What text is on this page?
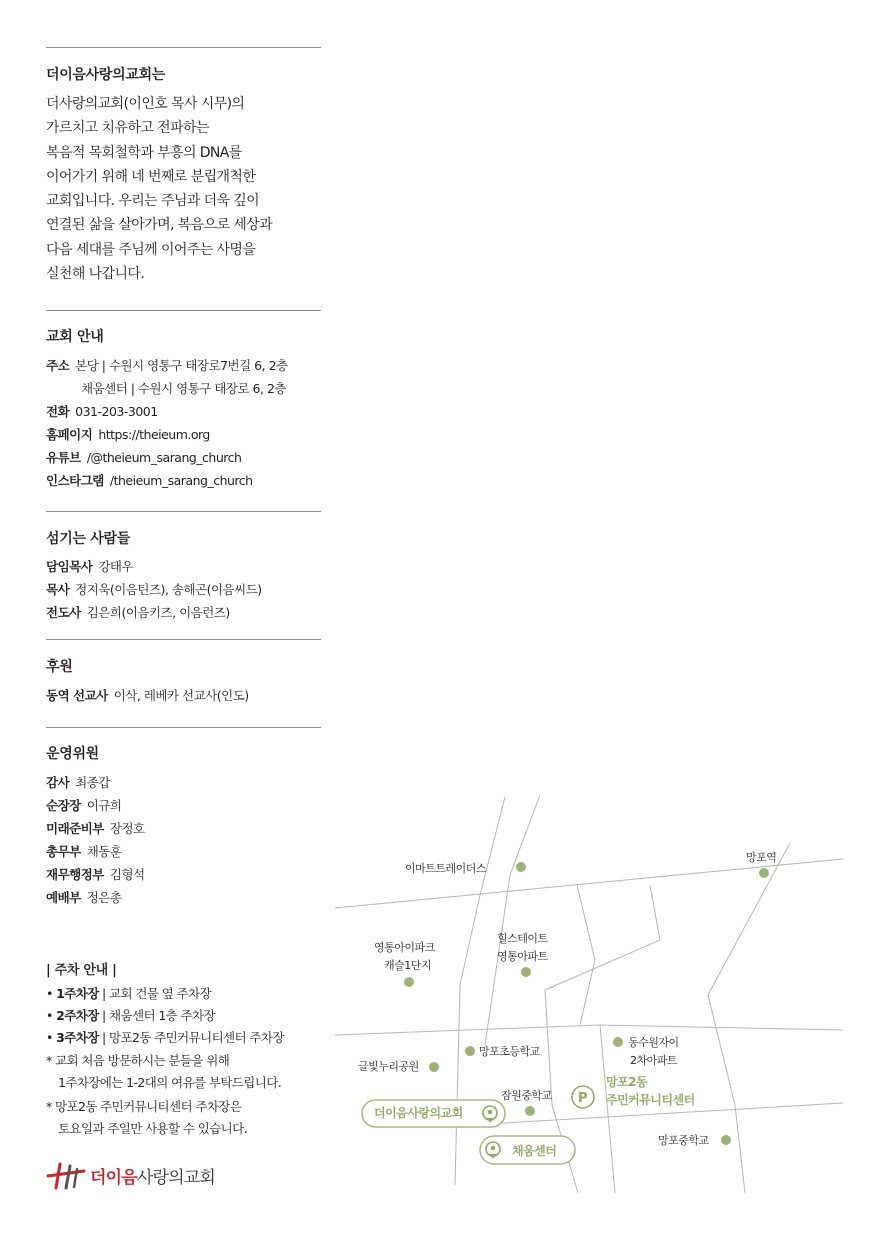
더이음사랑의교회는
더사랑의교회(이인호 목사 시무)의
가르치고 치유하고 전파하는
복음적 목회철학과 부흥의 DNA를
이어가기 위해 네 번째로 분립개척한
교회입니다. 우리는 주님과 더욱 깊이
연결된 삶을 살아가며, 복음으로 세상과
다음 세대를 주님께 이어주는 사명을
실천해 나갑니다.
교회 안내
주소 본당 | 수원시 영통구 태장로7번길 6, 2층
채움센터 | 수원시 영통구 태장로 6, 2층
전화 031-203-3001
홈페이지 https://theieum.org
유튜브 /@theieum_sarang_church
인스타그램 /theieum_sarang_church
섬기는 사람들
담임목사 강태우
목사 정지욱(이음틴즈), 송해곤(이음씨드)
전도사 김은희(이음키즈, 이음런즈)
후원
동역 선교사 이삭, 레베카 선교사(인도)
운영위원
감사 최종갑
순장장 이규희
미래준비부 장정호
총무부 채동훈
재무행정부 김형석
예배부 정은총
| 주차 안내 |
• 1주차장 | 교회 건물 옆 주차장
• 2주차장 | 채움센터 1층 주차장
• 3주차장 | 망포2동 주민커뮤니티센터 주차장
* 교회 처음 방문하시는 분들을 위해
1주차장에는 1-2대의 여유를 부탁드립니다.
* 망포2동 주민커뮤니티센터 주차장은
토요일과 주일만 사용할 수 있습니다.
더이음사랑의교회
이마트트레이더스
망포역
영통아이파크
캐슬1단지
힐스테이트
영통아파트
동수원자이
2차아파트
망포초등학교
글빛누리공원
잠원중학교
더이음사랑의교회
P
망포2동
주민커뮤니티센터
채움센터
망포중학교
